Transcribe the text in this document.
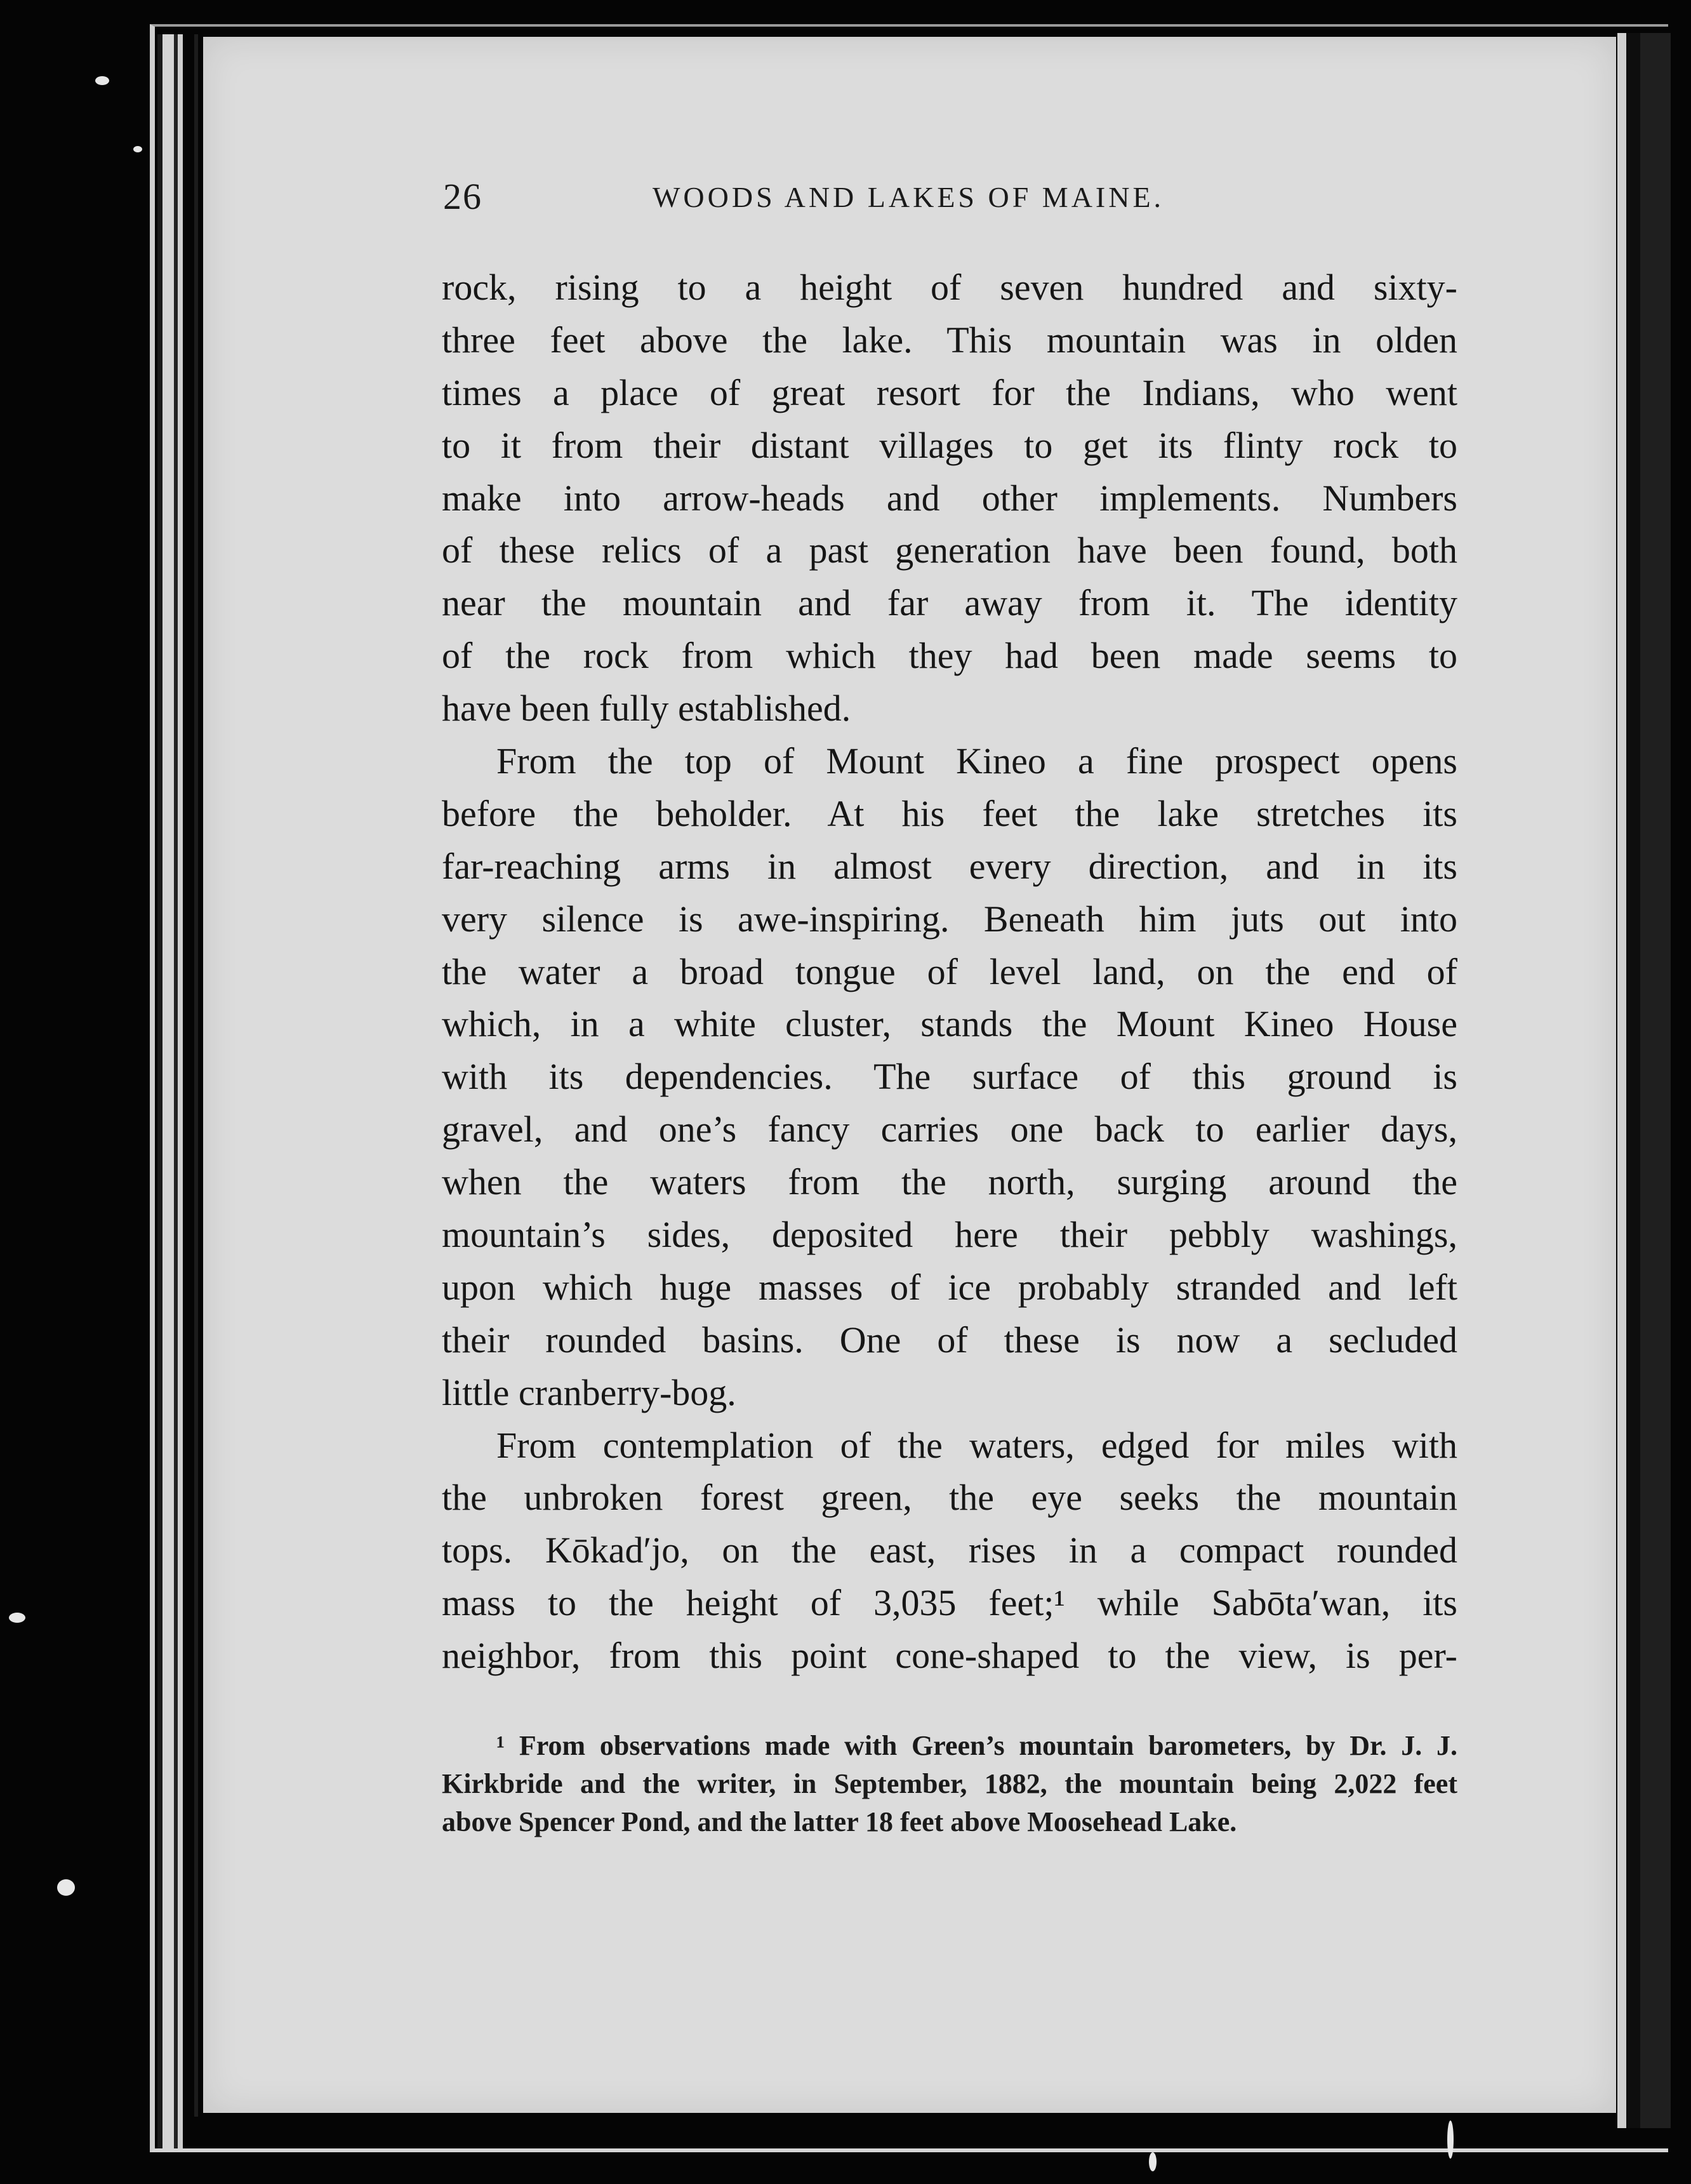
26	WOODS AND LAKES OF MAINE.
rock, rising to a height of seven hundred and sixty-
three feet above the lake. This mountain was in olden
times a place of great resort for the Indians, who went
to it from their distant villages to get its flinty rock to
make into arrow-heads and other implements. Numbers
of these relics of a past generation have been found, both
near the mountain and far away from it. The identity
of the rock from which they had been made seems to
have been fully established.
From the top of Mount Kineo a fine prospect opens
before the beholder. At his feet the lake stretches its
far-reaching arms in almost every direction, and in its
very silence is awe-inspiring. Beneath him juts out into
the water a broad tongue of level land, on the end of
which, in a white cluster, stands the Mount Kineo House
with its dependencies. The surface of this ground is
gravel, and one’s fancy carries one back to earlier days,
when the waters from the north, surging around the
mountain’s sides, deposited here their pebbly washings,
upon which huge masses of ice probably stranded and left
their rounded basins. One of these is now a secluded
little cranberry-bog.
From contemplation of the waters, edged for miles with
the unbroken forest green, the eye seeks the mountain
tops. Kōkad′jo, on the east, rises in a compact rounded
mass to the height of 3,035 feet;¹ while Sabōta′wan, its
neighbor, from this point cone-shaped to the view, is per-
¹ From observations made with Green’s mountain barometers, by Dr. J. J.
Kirkbride and the writer, in September, 1882, the mountain being 2,022 feet
above Spencer Pond, and the latter 18 feet above Moosehead Lake.
